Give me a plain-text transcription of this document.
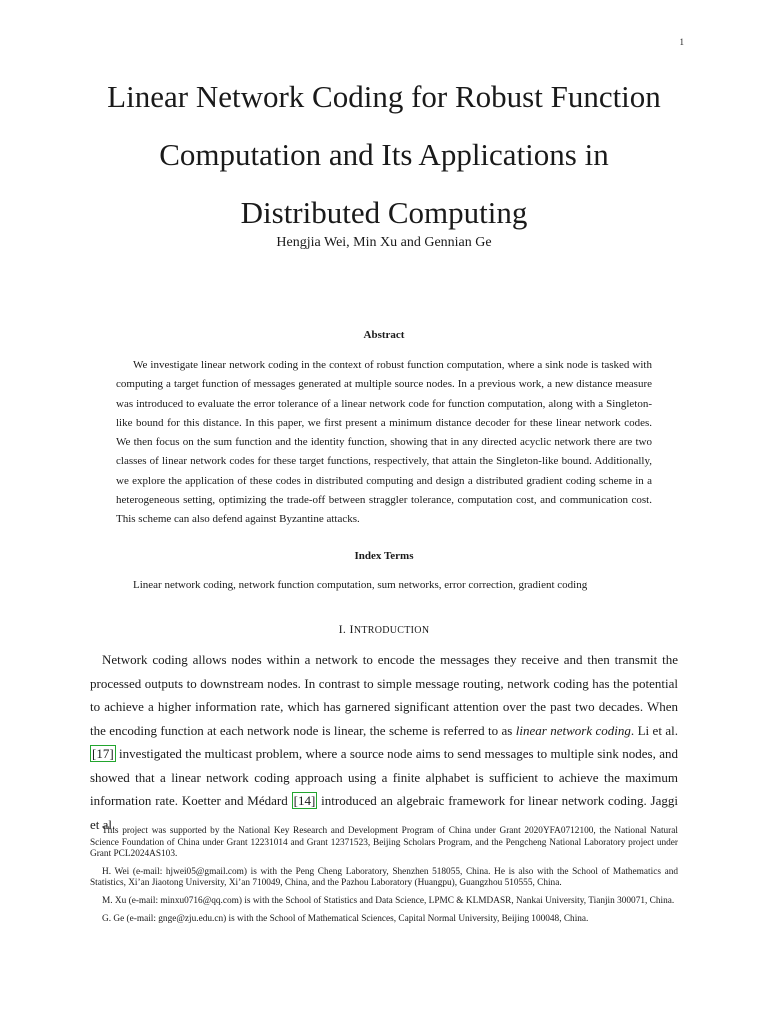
1
Linear Network Coding for Robust Function
Computation and Its Applications in
Distributed Computing
Hengjia Wei, Min Xu and Gennian Ge
Abstract

We investigate linear network coding in the context of robust function computation, where a sink node is tasked with computing a target function of messages generated at multiple source nodes. In a previous work, a new distance measure was introduced to evaluate the error tolerance of a linear network code for function computation, along with a Singleton-like bound for this distance. In this paper, we first present a minimum distance decoder for these linear network codes. We then focus on the sum function and the identity function, showing that in any directed acyclic network there are two classes of linear network codes for these target functions, respectively, that attain the Singleton-like bound. Additionally, we explore the application of these codes in distributed computing and design a distributed gradient coding scheme in a heterogeneous setting, optimizing the trade-off between straggler tolerance, computation cost, and communication cost. This scheme can also defend against Byzantine attacks.

Index Terms

Linear network coding, network function computation, sum networks, error correction, gradient coding

I. INTRODUCTION

Network coding allows nodes within a network to encode the messages they receive and then transmit the processed outputs to downstream nodes. In contrast to simple message routing, network coding has the potential to achieve a higher information rate, which has garnered significant attention over the past two decades. When the encoding function at each network node is linear, the scheme is referred to as linear network coding. Li et al. [17] investigated the multicast problem, where a source node aims to send messages to multiple sink nodes, and showed that a linear network coding approach using a finite alphabet is sufficient to achieve the maximum information rate. Koetter and Médard [14] introduced an algebraic framework for linear network coding. Jaggi et al.

This project was supported by the National Key Research and Development Program of China under Grant 2020YFA0712100, the National Natural Science Foundation of China under Grant 12231014 and Grant 12371523, Beijing Scholars Program, and the Pengcheng National Laboratory project under Grant PCL2024AS103.

H. Wei (e-mail: hjwei05@gmail.com) is with the Peng Cheng Laboratory, Shenzhen 518055, China. He is also with the School of Mathematics and Statistics, Xi’an Jiaotong University, Xi’an 710049, China, and the Pazhou Laboratory (Huangpu), Guangzhou 510555, China.

M. Xu (e-mail: minxu0716@qq.com) is with the School of Statistics and Data Science, LPMC & KLMDASR, Nankai University, Tianjin 300071, China.

G. Ge (e-mail: gnge@zju.edu.cn) is with the School of Mathematical Sciences, Capital Normal University, Beijing 100048, China.
